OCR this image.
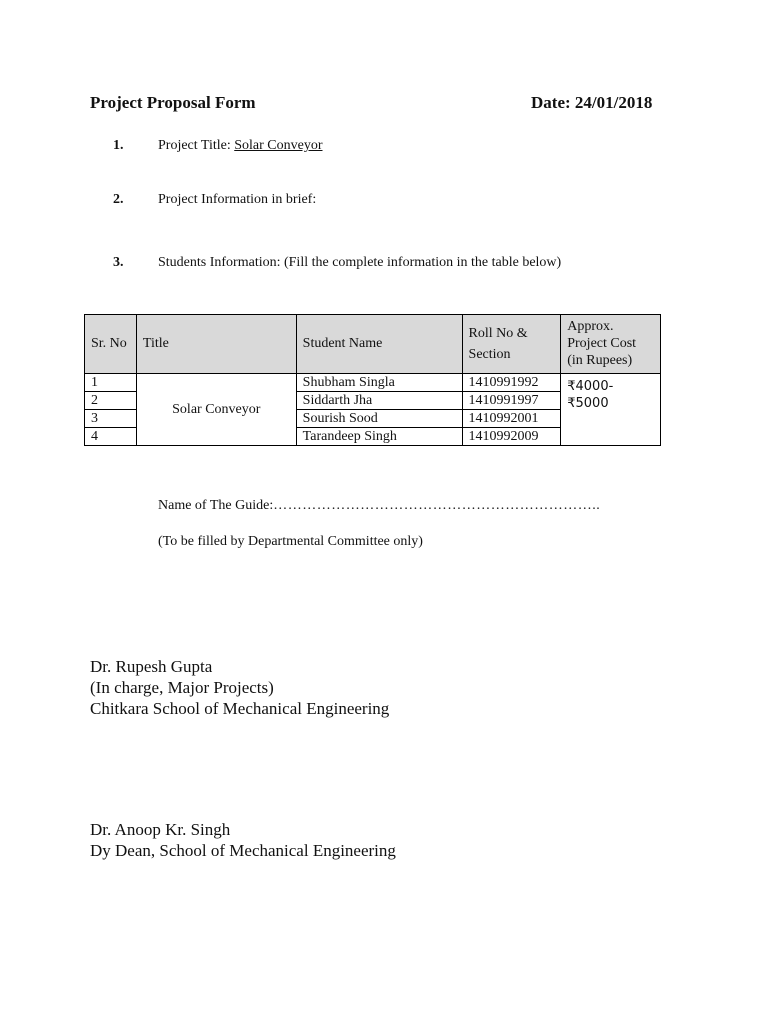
Project Proposal Form	Date: 24/01/2018
1. Project Title: Solar Conveyor
2. Project Information in brief:
3. Students Information: (Fill the complete information in the table below)
Sr. No	Title	Student Name	Roll No & Section	Approx. Project Cost (in Rupees)
1	Solar Conveyor	Shubham Singla	1410991992	₹4000-₹5000
2		Siddarth Jha	1410991997	
3		Sourish Sood	1410992001	
4		Tarandeep Singh	1410992009	
Name of The Guide:…………………………………………………………..
(To be filled by Departmental Committee only)
Dr. Rupesh Gupta
(In charge, Major Projects)
Chitkara School of Mechanical Engineering
Dr. Anoop Kr. Singh
Dy Dean, School of Mechanical Engineering
